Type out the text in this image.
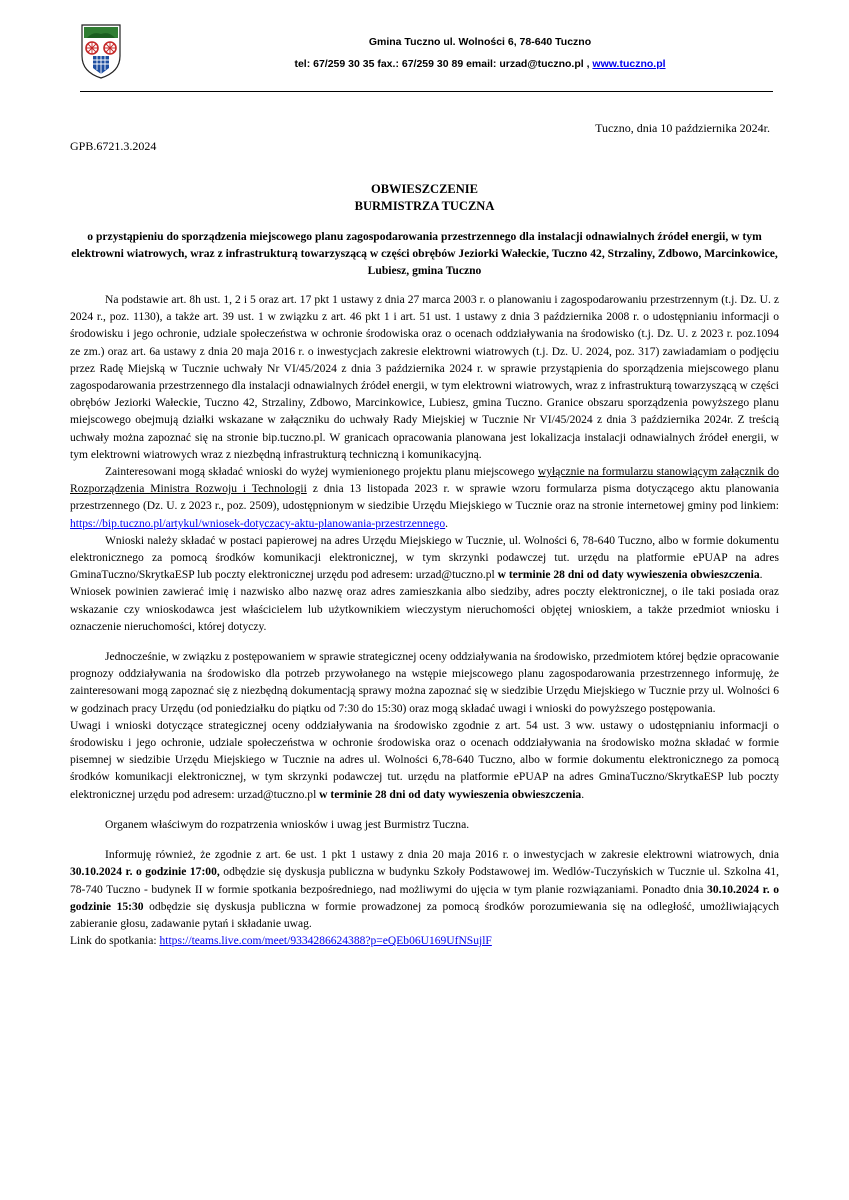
Gmina Tuczno ul. Wolności 6, 78-640 Tuczno
tel: 67/259 30 35 fax.: 67/259 30 89 email: urzad@tuczno.pl , www.tuczno.pl
Tuczno, dnia 10 października 2024r.
GPB.6721.3.2024
OBWIESZCZENIE
BURMISTRZA TUCZNA
o przystąpieniu do sporządzenia miejscowego planu zagospodarowania przestrzennego dla instalacji odnawialnych źródeł energii, w tym elektrowni wiatrowych, wraz z infrastrukturą towarzyszącą w części obrębów Jeziorki Wałeckie, Tuczno 42, Strzaliny, Zdbowo, Marcinkowice, Lubiesz, gmina Tuczno

Na podstawie art. 8h ust. 1, 2 i 5 oraz art. 17 pkt 1 ustawy z dnia 27 marca 2003 r. o planowaniu i zagospodarowaniu przestrzennym (t.j. Dz. U. z 2024 r., poz. 1130), a także art. 39 ust. 1 w związku z art. 46 pkt 1 i art. 51 ust. 1 ustawy z dnia 3 października 2008 r. o udostępnianiu informacji o środowisku i jego ochronie, udziale społeczeństwa w ochronie środowiska oraz o ocenach oddziaływania na środowisko (t.j. Dz. U. z 2023 r. poz.1094 ze zm.) oraz art. 6a ustawy z dnia 20 maja 2016 r. o inwestycjach zakresie elektrowni wiatrowych (t.j. Dz. U. 2024, poz. 317) zawiadamiam o podjęciu przez Radę Miejską w Tucznie uchwały Nr VI/45/2024 z dnia 3 października 2024 r. w sprawie przystąpienia do sporządzenia miejscowego planu zagospodarowania przestrzennego dla instalacji odnawialnych źródeł energii, w tym elektrowni wiatrowych, wraz z infrastrukturą towarzyszącą w części obrębów Jeziorki Wałeckie, Tuczno 42, Strzaliny, Zdbowo, Marcinkowice, Lubiesz, gmina Tuczno. Granice obszaru sporządzenia powyższego planu miejscowego obejmują działki wskazane w załączniku do uchwały Rady Miejskiej w Tucznie Nr VI/45/2024 z dnia 3 października 2024r. Z treścią uchwały można zapoznać się na stronie bip.tuczno.pl. W granicach opracowania planowana jest lokalizacja instalacji odnawialnych źródeł energii, w tym elektrowni wiatrowych wraz z niezbędną infrastrukturą techniczną i komunikacyjną.

Zainteresowani mogą składać wnioski do wyżej wymienionego projektu planu miejscowego wyłącznie na formularzu stanowiącym załącznik do Rozporządzenia Ministra Rozwoju i Technologii z dnia 13 listopada 2023 r. w sprawie wzoru formularza pisma dotyczącego aktu planowania przestrzennego (Dz. U. z 2023 r., poz. 2509), udostępnionym w siedzibie Urzędu Miejskiego w Tucznie oraz na stronie internetowej gminy pod linkiem: https://bip.tuczno.pl/artykul/wniosek-dotyczacy-aktu-planowania-przestrzennego.

Wnioski należy składać w postaci papierowej na adres Urzędu Miejskiego w Tucznie, ul. Wolności 6, 78-640 Tuczno, albo w formie dokumentu elektronicznego za pomocą środków komunikacji elektronicznej, w tym skrzynki podawczej tut. urzędu na platformie ePUAP na adres GminaTuczno/SkrytkaESP lub poczty elektronicznej urzędu pod adresem: urzad@tuczno.pl w terminie 28 dni od daty wywieszenia obwieszczenia.

Wniosek powinien zawierać imię i nazwisko albo nazwę oraz adres zamieszkania albo siedziby, adres poczty elektronicznej, o ile taki posiada oraz wskazanie czy wnioskodawca jest właścicielem lub użytkownikiem wieczystym nieruchomości objętej wnioskiem, a także przedmiot wniosku i oznaczenie nieruchomości, której dotyczy.

Jednocześnie, w związku z postępowaniem w sprawie strategicznej oceny oddziaływania na środowisko, przedmiotem której będzie opracowanie prognozy oddziaływania na środowisko dla potrzeb przywołanego na wstępie miejscowego planu zagospodarowania przestrzennego informuję, że zainteresowani mogą zapoznać się z niezbędną dokumentacją sprawy można zapoznać się w siedzibie Urzędu Miejskiego w Tucznie przy ul. Wolności 6 w godzinach pracy Urzędu (od poniedziałku do piątku od 7:30 do 15:30) oraz mogą składać uwagi i wnioski do powyższego postępowania.

Uwagi i wnioski dotyczące strategicznej oceny oddziaływania na środowisko zgodnie z art. 54 ust. 3 ww. ustawy o udostępnianiu informacji o środowisku i jego ochronie, udziale społeczeństwa w ochronie środowiska oraz o ocenach oddziaływania na środowisko można składać w formie pisemnej w siedzibie Urzędu Miejskiego w Tucznie na adres ul. Wolności 6,78-640 Tuczno, albo w formie dokumentu elektronicznego za pomocą środków komunikacji elektronicznej, w tym skrzynki podawczej tut. urzędu na platformie ePUAP na adres GminaTuczno/SkrytkaESP lub poczty elektronicznej urzędu pod adresem: urzad@tuczno.pl w terminie 28 dni od daty wywieszenia obwieszczenia.

Organem właściwym do rozpatrzenia wniosków i uwag jest Burmistrz Tuczna.

Informuję również, że zgodnie z art. 6e ust. 1 pkt 1 ustawy z dnia 20 maja 2016 r. o inwestycjach w zakresie elektrowni wiatrowych, dnia 30.10.2024 r. o godzinie 17:00, odbędzie się dyskusja publiczna w budynku Szkoły Podstawowej im. Wedlów-Tuczyńskich w Tucznie ul. Szkolna 41, 78-740 Tuczno - budynek II w formie spotkania bezpośredniego, nad możliwymi do ujęcia w tym planie rozwiązaniami. Ponadto dnia 30.10.2024 r. o godzinie 15:30 odbędzie się dyskusja publiczna w formie prowadzonej za pomocą środków porozumiewania się na odległość, umożliwiających zabieranie głosu, zadawanie pytań i składanie uwag.

Link do spotkania: https://teams.live.com/meet/9334286624388?p=eQEb06U169UfNSujlF
